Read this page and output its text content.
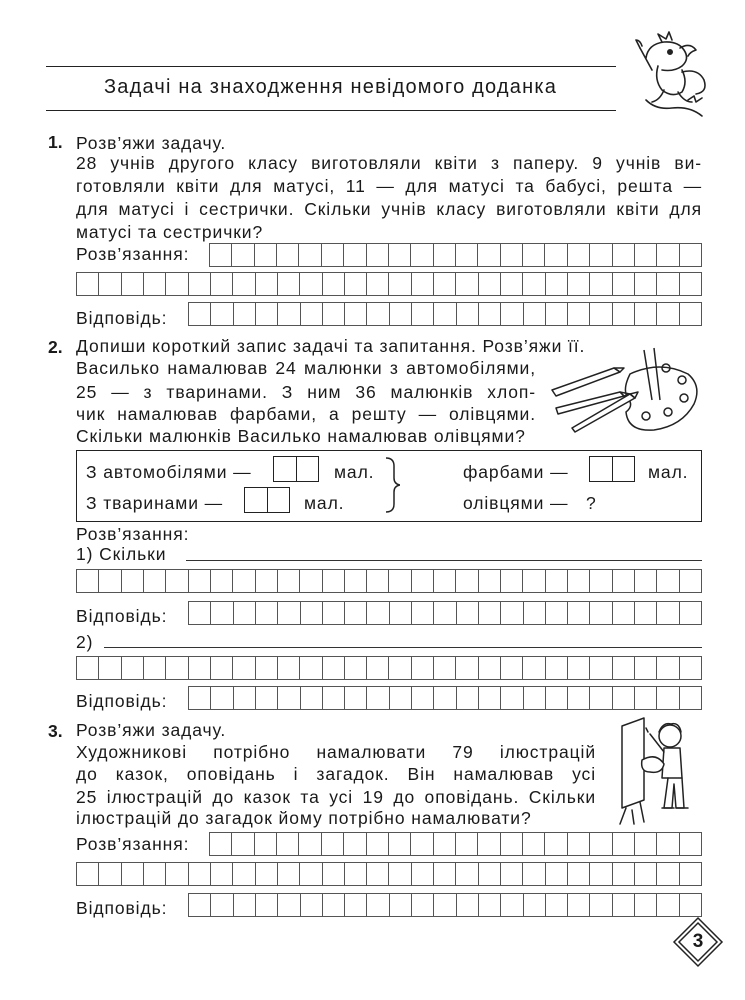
Задачі на знаходження невідомого доданка
1. Розв’яжи задачу.
28 учнів другого класу виготовляли квіти з паперу. 9 учнів ви-
готовляли квіти для матусі, 11 — для матусі та бабусі, решта —
для матусі і сестрички. Скільки учнів класу виготовляли квіти для
матусі та сестрички?
Розв’язання:
Відповідь:
2. Допиши короткий запис задачі та запитання. Розв’яжи її.
Василько намалював 24 малюнки з автомобілями,
25 — з тваринами. З ним 36 малюнків хлоп-
чик намалював фарбами, а решту — олівцями.
Скільки малюнків Василько намалював олівцями?
З автомобілями —	мал.
З тваринами —	мал.
фарбами —	мал.
олівцями — ?
Розв’язання:
1) Скільки
Відповідь:
2)
Відповідь:
3. Розв’яжи задачу.
Художникові потрібно намалювати 79 ілюстрацій
до казок, оповідань і загадок. Він намалював усі
25 ілюстрацій до казок та усі 19 до оповідань. Скільки
ілюстрацій до загадок йому потрібно намалювати?
Розв’язання:
Відповідь:
3
